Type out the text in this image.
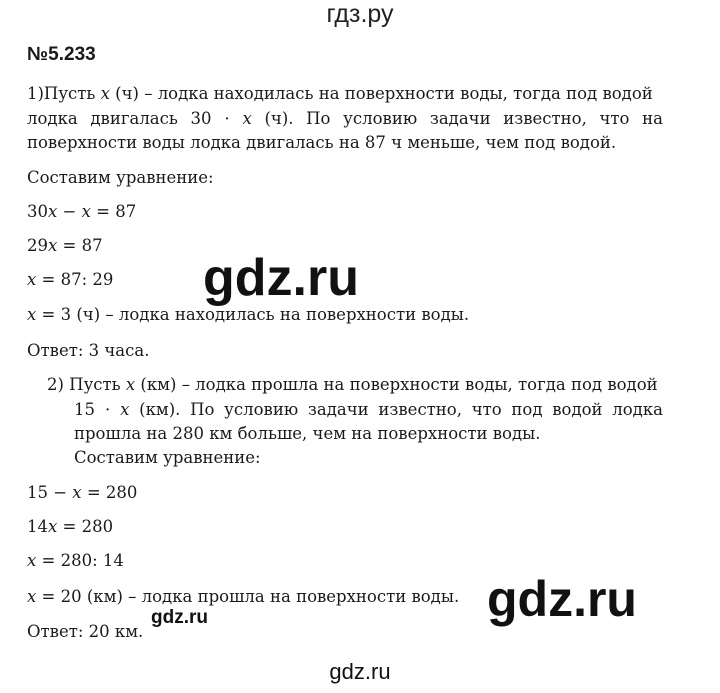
гдз.ру
№5.233
1)Пусть 𝑥 (ч) – лодка находилась на поверхности воды, тогда под водой
лодка двигалась 30 ⋅ 𝑥 (ч). По условию задачи известно, что на
поверхности воды лодка двигалась на 87 ч меньше, чем под водой.
Составим уравнение:
30𝑥 − 𝑥 = 87
29𝑥 = 87
𝑥 = 87: 29
𝑥 = 3 (ч) – лодка находилась на поверхности воды.
Ответ: 3 часа.
2) Пусть 𝑥 (км) – лодка прошла на поверхности воды, тогда под водой
15 ⋅ 𝑥 (км). По условию задачи известно, что под водой лодка
прошла на 280 км больше, чем на поверхности воды.
Составим уравнение:
15 − 𝑥 = 280
14𝑥 = 280
𝑥 = 280: 14
𝑥 = 20 (км) – лодка прошла на поверхности воды.
Ответ: 20 км.
gdz.ru
gdz.ru
gdz.ru
gdz.ru
